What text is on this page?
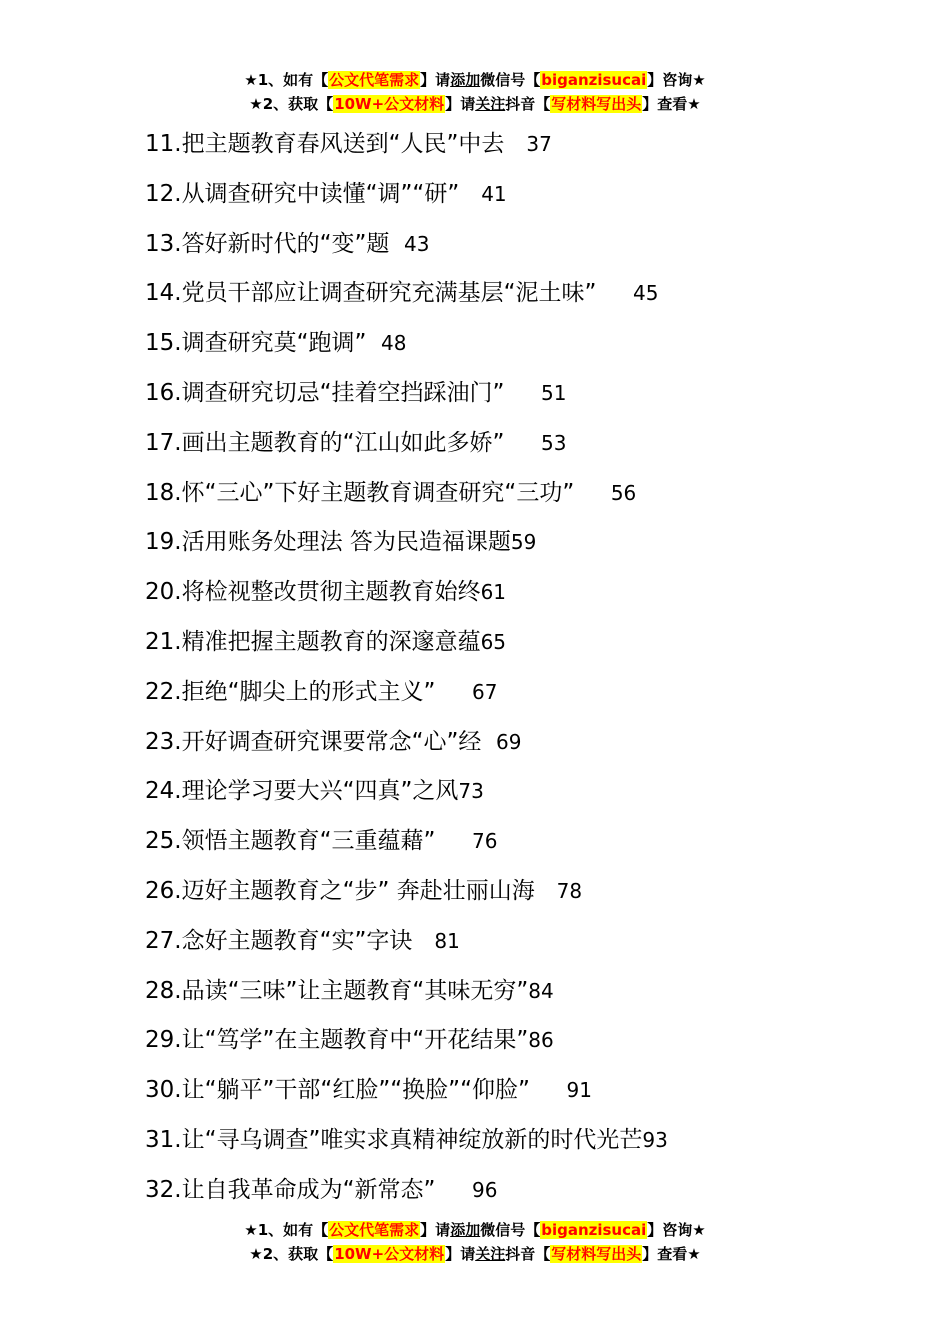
★1、如有【公文代笔需求】请添加微信号【biganzisucai】咨询★
★2、获取【10W+公文材料】请关注抖音【写材料写出头】查看★
11.把主题教育春风送到“人民”中去 37
12.从调查研究中读懂“调”“研” 41
13.答好新时代的“变”题 43
14.党员干部应让调查研究充满基层“泥土味” 45
15.调查研究莫“跑调” 48
16.调查研究切忌“挂着空挡踩油门” 51
17.画出主题教育的“江山如此多娇” 53
18.怀“三心”下好主题教育调查研究“三功” 56
19.活用账务处理法 答为民造福课题59
20.将检视整改贯彻主题教育始终61
21.精准把握主题教育的深邃意蕴65
22.拒绝“脚尖上的形式主义” 67
23.开好调查研究课要常念“心”经 69
24.理论学习要大兴“四真”之风73
25.领悟主题教育“三重蕴藉” 76
26.迈好主题教育之“步” 奔赴壮丽山海 78
27.念好主题教育“实”字诀 81
28.品读“三味”让主题教育“其味无穷”84
29.让“笃学”在主题教育中“开花结果”86
30.让“躺平”干部“红脸”“换脸”“仰脸” 91
31.让“寻乌调查”唯实求真精神绽放新的时代光芒93
32.让自我革命成为“新常态” 96
★1、如有【公文代笔需求】请添加微信号【biganzisucai】咨询★
★2、获取【10W+公文材料】请关注抖音【写材料写出头】查看★
